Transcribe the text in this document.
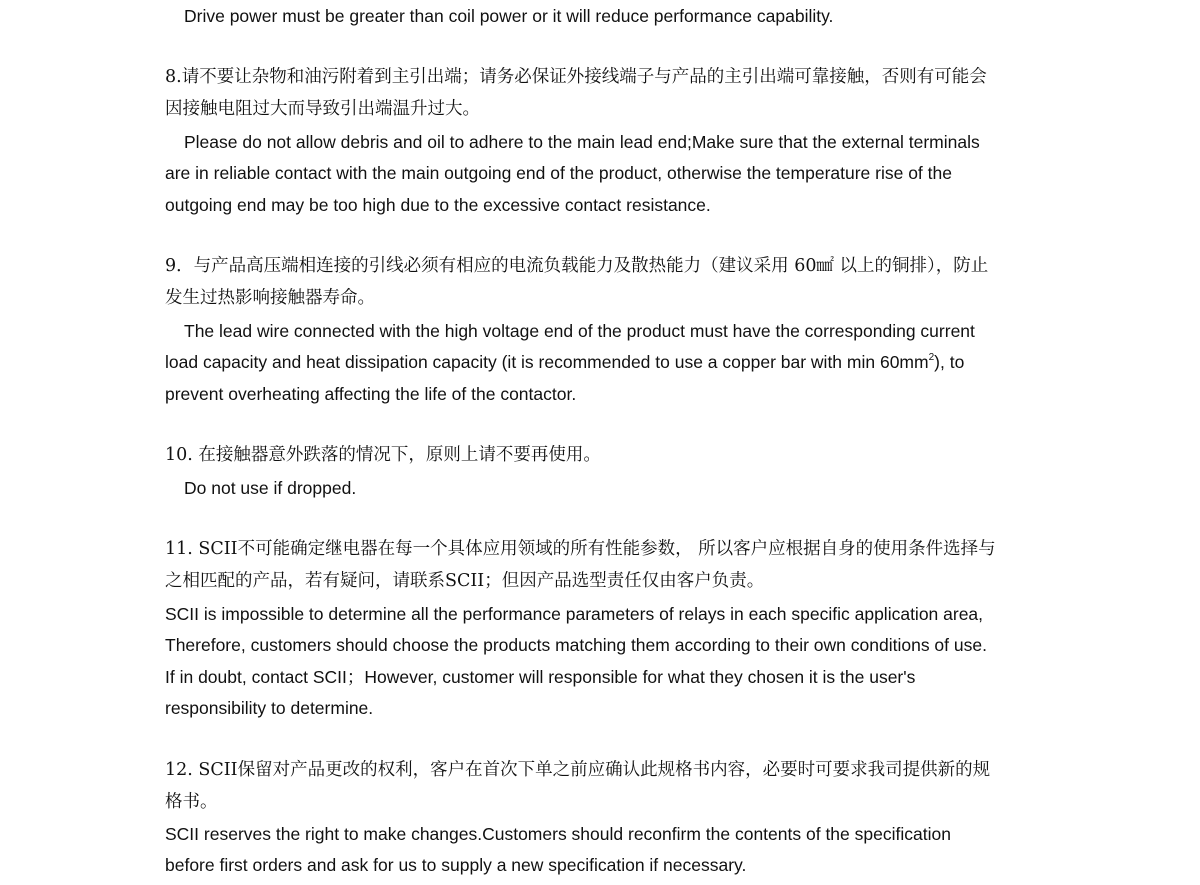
Drive power must be greater than coil power or it will reduce performance capability.

8.请不要让杂物和油污附着到主引出端；请务必保证外接线端子与产品的主引出端可靠接触，否则有可能会

因接触电阻过大而导致引出端温升过大。

Please do not allow debris and oil to adhere to the main lead end;Make sure that the external terminals

are in reliable contact with the main outgoing end of the product, otherwise the temperature rise of the

outgoing end may be too high due to the excessive contact resistance.

9．与产品高压端相连接的引线必须有相应的电流负载能力及散热能力（建议采用 60㎟ 以上的铜排），防止

发生过热影响接触器寿命。

The lead wire connected with the high voltage end of the product must have the corresponding current

load capacity and heat dissipation capacity (it is recommended to use a copper bar with $\min 60mm^2$), to

prevent overheating affecting the life of the contactor.

10. 在接触器意外跌落的情况下，原则上请不要再使用。

Do not use if dropped.

11. SCII不可能确定继电器在每一个具体应用领域的所有性能参数， 所以客户应根据自身的使用条件选择与

之相匹配的产品，若有疑问，请联系SCII；但因产品选型责任仅由客户负责。

SCII is impossible to determine all the performance parameters of relays in each specific application area,

Therefore, customers should choose the products matching them according to their own conditions of use.

If in doubt, contact SCII；However, customer will responsible for what they chosen it is the user's

responsibility to determine.

12. SCII保留对产品更改的权利，客户在首次下单之前应确认此规格书内容，必要时可要求我司提供新的规

格书。

SCII reserves the right to make changes.Customers should reconfirm the contents of the specification

before first orders and ask for us to supply a new specification if necessary.
